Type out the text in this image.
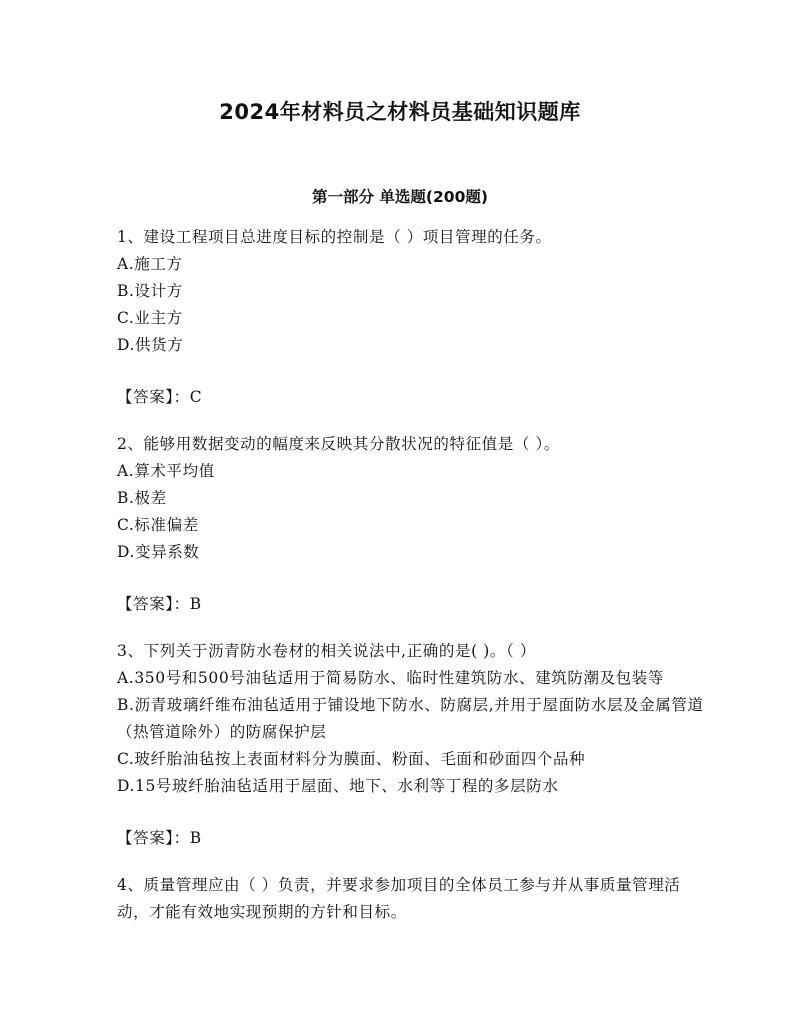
2024年材料员之材料员基础知识题库
第一部分 单选题(200题)
1、建设工程项目总进度目标的控制是（ ）项目管理的任务。
A.施工方
B.设计方
C.业主方
D.供货方
【答案】：C
2、能够用数据变动的幅度来反映其分散状况的特征值是（ ）。
A.算术平均值
B.极差
C.标准偏差
D.变异系数
【答案】：B
3、下列关于沥青防水卷材的相关说法中,正确的是( )。（ ）
A.350号和500号油毡适用于简易防水、临时性建筑防水、建筑防潮及包装等
B.沥青玻璃纤维布油毡适用于铺设地下防水、防腐层,并用于屋面防水层及金属管道（热管道除外）的防腐保护层
C.玻纤胎油毡按上表面材料分为膜面、粉面、毛面和砂面四个品种
D.15号玻纤胎油毡适用于屋面、地下、水利等丁程的多层防水
【答案】：B
4、质量管理应由（ ）负责，并要求参加项目的全体员工参与并从事质量管理活动，才能有效地实现预期的方针和目标。
